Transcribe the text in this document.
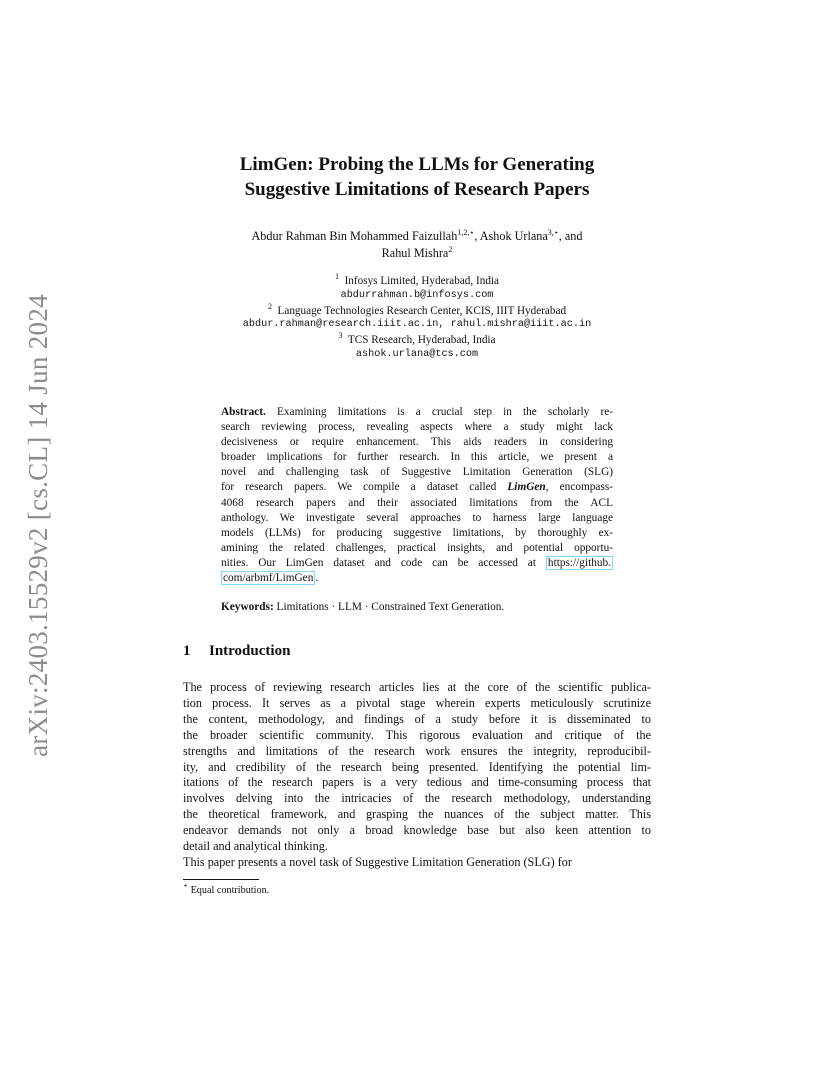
arXiv:2403.15529v2 [cs.CL] 14 Jun 2024
LimGen: Probing the LLMs for Generating
Suggestive Limitations of Research Papers
Abdur Rahman Bin Mohammed Faizullah$^{1,2,⋆}$, Ashok Urlana$^{3,⋆}$, and
Rahul Mishra$^2$
$^1$ Infosys Limited, Hyderabad, India
abdurrahman.b@infosys.com
$^2$ Language Technologies Research Center, KCIS, IIIT Hyderabad
abdur.rahman@research.iiit.ac.in, rahul.mishra@iiit.ac.in
$^3$ TCS Research, Hyderabad, India
ashok.urlana@tcs.com

Abstract. Examining limitations is a crucial step in the scholarly re-
search reviewing process, revealing aspects where a study might lack
decisiveness or require enhancement. This aids readers in considering
broader implications for further research. In this article, we present a
novel and challenging task of Suggestive Limitation Generation (SLG)
for research papers. We compile a dataset called LimGen, encompass-
4068 research papers and their associated limitations from the ACL
anthology. We investigate several approaches to harness large language
models (LLMs) for producing suggestive limitations, by thoroughly ex-
amining the related challenges, practical insights, and potential opportu-
nities. Our LimGen dataset and code can be accessed at https://github.
com/arbmf/LimGen .

Keywords: Limitations · LLM · Constrained Text Generation.

1 Introduction
The process of reviewing research articles lies at the core of the scientific publica-
tion process. It serves as a pivotal stage wherein experts meticulously scrutinize
the content, methodology, and findings of a study before it is disseminated to
the broader scientific community. This rigorous evaluation and critique of the
strengths and limitations of the research work ensures the integrity, reproducibil-
ity, and credibility of the research being presented. Identifying the potential lim-
itations of the research papers is a very tedious and time-consuming process that
involves delving into the intricacies of the research methodology, understanding
the theoretical framework, and grasping the nuances of the subject matter. This
endeavor demands not only a broad knowledge base but also keen attention to
detail and analytical thinking.
This paper presents a novel task of Suggestive Limitation Generation (SLG) for
⋆ Equal contribution.
